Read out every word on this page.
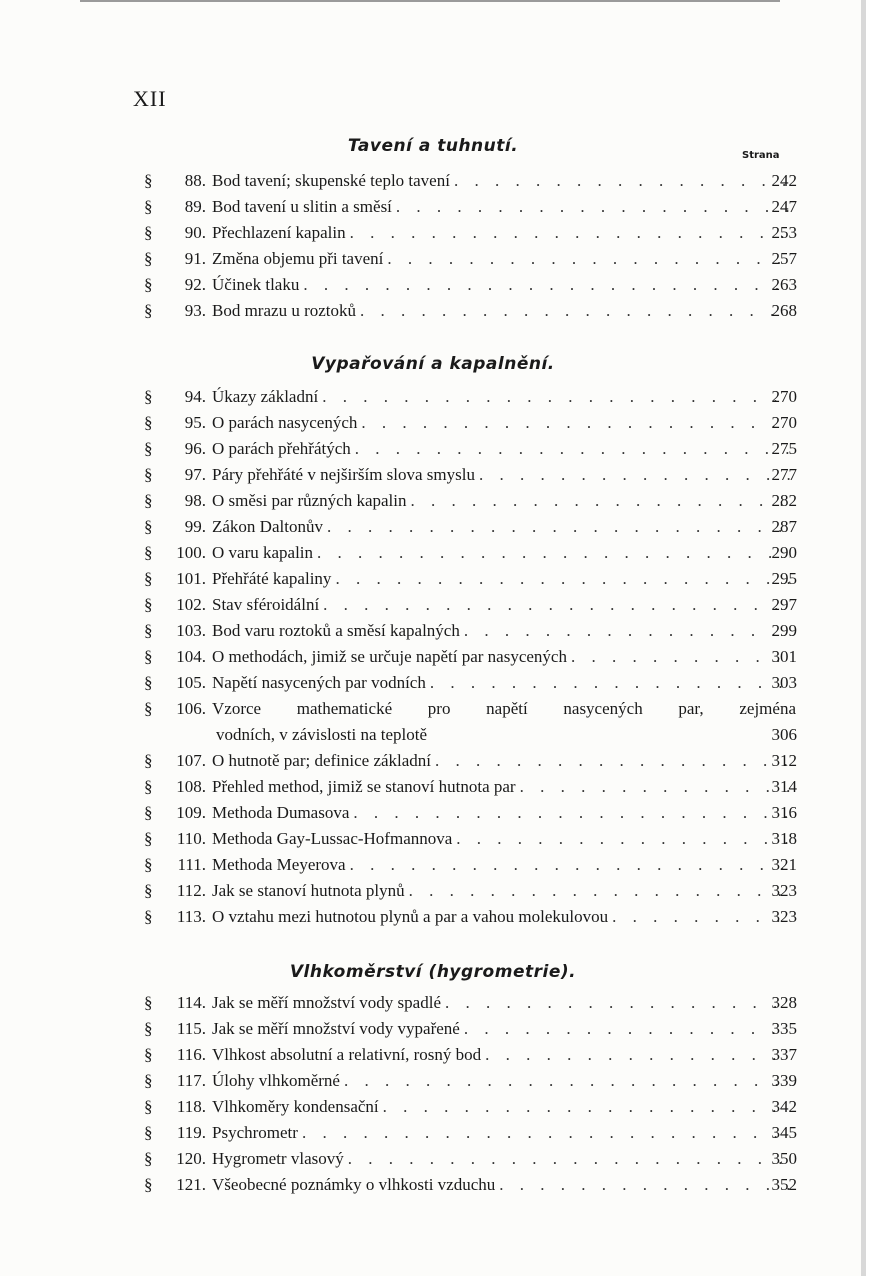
XII
Tavení a tuhnutí.	Strana
§	88. Bod tavení; skupenské teplo tavení . . .	242
§	89. Bod tavení u slitin a směsí . . .	247
§	90. Přechlazení kapalin . . .	253
§	91. Změna objemu při tavení . . .	257
§	92. Účinek tlaku . . .	263
§	93. Bod mrazu u roztoků . . .	268
Vypařování a kapalnění.
§	94. Úkazy základní . . .	270
§	95. O parách nasycených . . .	270
§	96. O parách přehřátých . . .	275
§	97. Páry přehřáté v nejširším slova smyslu . . .	277
§	98. O směsi par různých kapalin . . .	282
§	99. Zákon Daltonův . . .	287
§	100. O varu kapalin . . .	290
§	101. Přehřáté kapaliny . . .	295
§	102. Stav sféroidální . . .	297
§	103. Bod varu roztoků a směsí kapalných . . .	299
§	104. O methodách, jimiž se určuje napětí par nasycených . . .	301
§	105. Napětí nasycených par vodních . . .	303
§	106. Vzorce mathematické pro napětí nasycených par, zejména
vodních, v závislosti na teplotě	306
§	107. O hutnotě par; definice základní . . .	312
§	108. Přehled method, jimiž se stanoví hutnota par . . .	314
§	109. Methoda Dumasova . . .	316
§	110. Methoda Gay-Lussac-Hofmannova . . .	318
§	111. Methoda Meyerova . . .	321
§	112. Jak se stanoví hutnota plynů . . .	323
§	113. O vztahu mezi hutnotou plynů a par a vahou molekulovou . . .	323
Vlhkoměrství (hygrometrie).
§	114. Jak se měří množství vody spadlé . . .	328
§	115. Jak se měří množství vody vypařené . . .	335
§	116. Vlhkost absolutní a relativní, rosný bod . . .	337
§	117. Úlohy vlhkoměrné . . .	339
§	118. Vlhkoměry kondensační . . .	342
§	119. Psychrometr . . .	345
§	120. Hygrometr vlasový . . .	350
§	121. Všeobecné poznámky o vlhkosti vzduchu . . .	352
